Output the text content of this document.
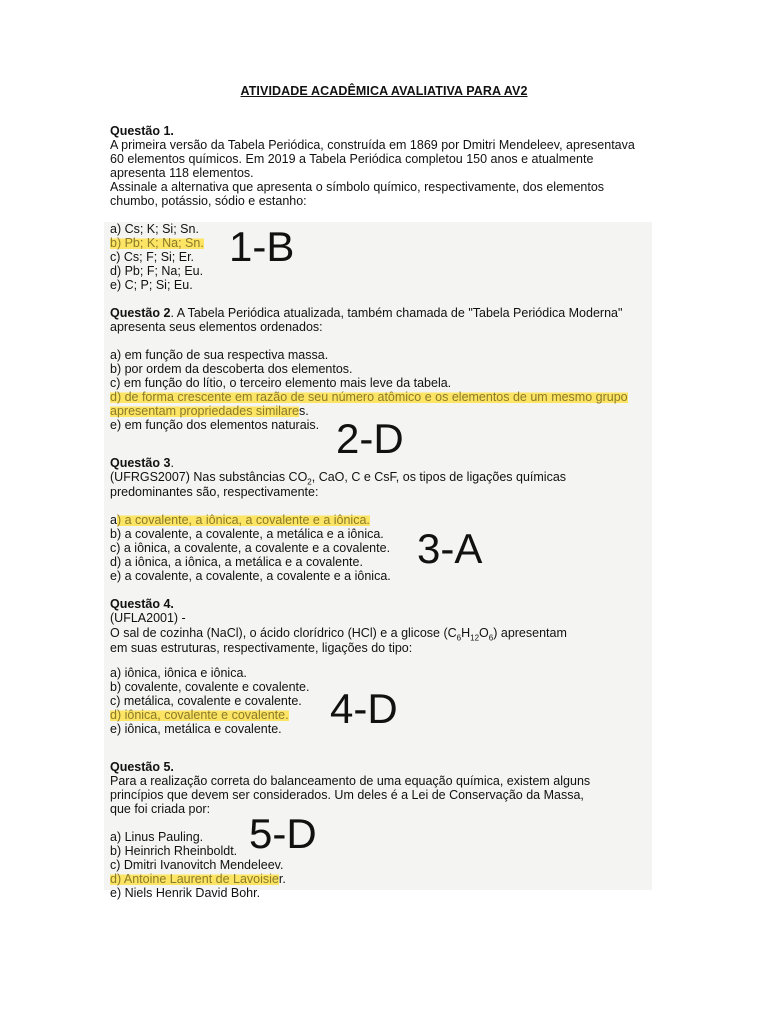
ATIVIDADE ACADÊMICA AVALIATIVA PARA AV2
Questão 1.
A primeira versão da Tabela Periódica, construída em 1869 por Dmitri Mendeleev, apresentava
60 elementos químicos. Em 2019 a Tabela Periódica completou 150 anos e atualmente
apresenta 118 elementos.
Assinale a alternativa que apresenta o símbolo químico, respectivamente, dos elementos
chumbo, potássio, sódio e estanho:
a) Cs; K; Si; Sn.
b) Pb; K; Na; Sn.
c) Cs; F; Si; Er.
d) Pb; F; Na; Eu.
e) C; P; Si; Eu.
1-B
Questão 2. A Tabela Periódica atualizada, também chamada de "Tabela Periódica Moderna"
apresenta seus elementos ordenados:
a) em função de sua respectiva massa.
b) por ordem da descoberta dos elementos.
c) em função do lítio, o terceiro elemento mais leve da tabela.
d) de forma crescente em razão de seu número atômico e os elementos de um mesmo grupo
apresentam propriedades similares.
e) em função dos elementos naturais. 2-D
Questão 3.
(UFRGS2007) Nas substâncias $CO_2$, CaO, C e CsF, os tipos de ligações químicas
predominantes são, respectivamente:
a) a covalente, a iônica, a covalente e a iônica.
b) a covalente, a covalente, a metálica e a iônica.
c) a iônica, a covalente, a covalente e a covalente.
d) a iônica, a iônica, a metálica e a covalente.
e) a covalente, a covalente, a covalente e a iônica.
3-A
Questão 4.
(UFLA2001) -
O sal de cozinha (NaCl), o ácido clorídrico (HCl) e a glicose $(C_6H_{12}O_6)$ apresentam
em suas estruturas, respectivamente, ligações do tipo:
a) iônica, iônica e iônica.
b) covalente, covalente e covalente.
c) metálica, covalente e covalente.
d) iônica, covalente e covalente.
e) iônica, metálica e covalente. 4-D
Questão 5.
Para a realização correta do balanceamento de uma equação química, existem alguns
princípios que devem ser considerados. Um deles é a Lei de Conservação da Massa,
que foi criada por:
a) Linus Pauling.
b) Heinrich Rheinboldt.
c) Dmitri Ivanovitch Mendeleev.
d) Antoine Laurent de Lavoisier.
e) Niels Henrik David Bohr.
5-D
